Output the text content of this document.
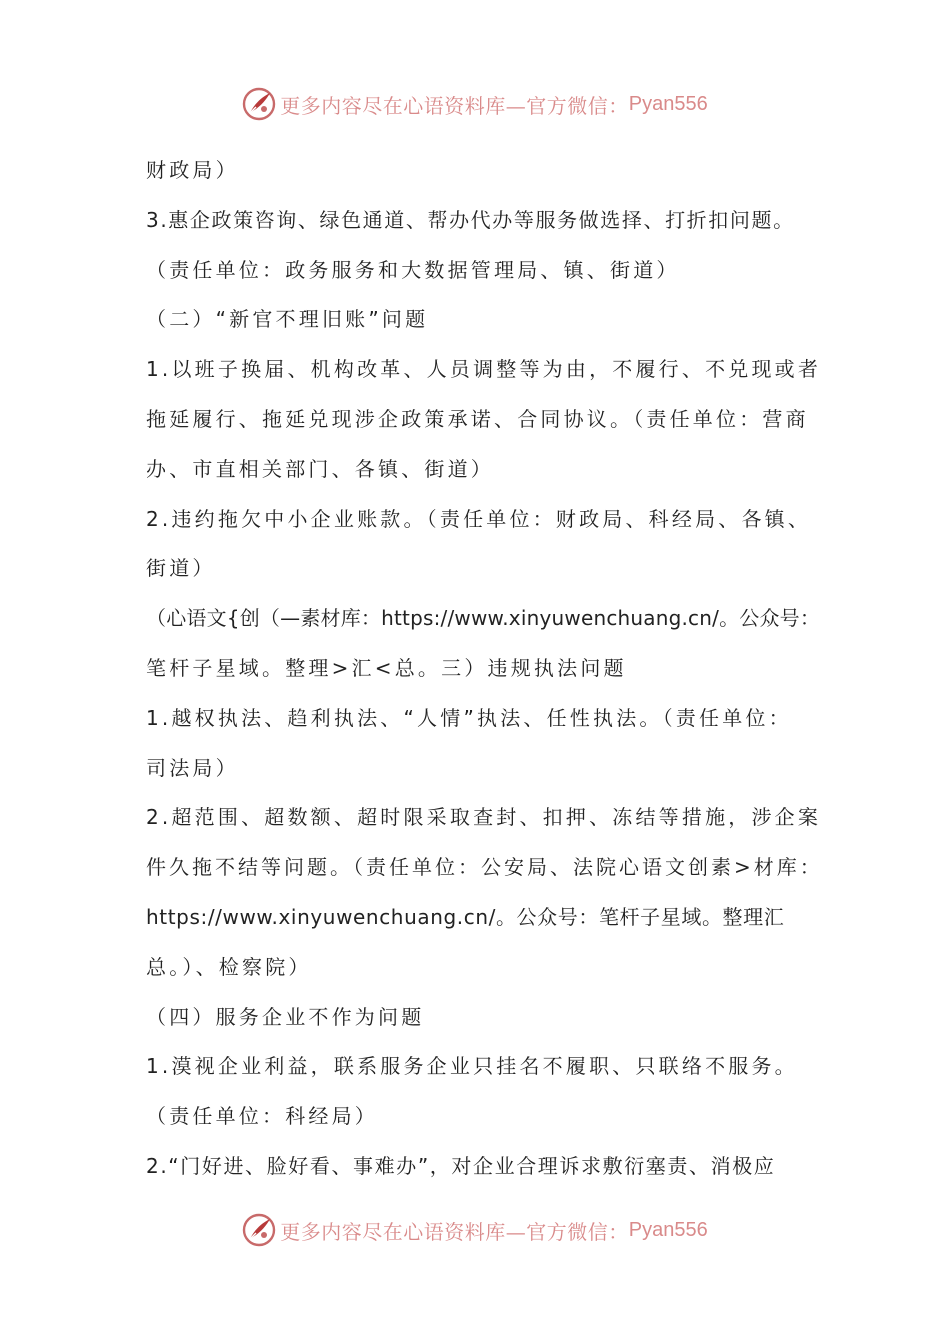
更多内容尽在心语资料库—官方微信： Pyan556
财政局）
3.惠企政策咨询、绿色通道、帮办代办等服务做选择、打折扣问题。
（责任单位：政务服务和大数据管理局、镇、街道）
（二）“新官不理旧账”问题
1.以班子换届、机构改革、人员调整等为由，不履行、不兑现或者
拖延履行、拖延兑现涉企政策承诺、合同协议。（责任单位：营商
办、市直相关部门、各镇、街道）
2.违约拖欠中小企业账款。（责任单位：财政局、科经局、各镇、
街道）
（心语文{创（—素材库：https://www.xinyuwenchuang.cn/。公众号：
笔杆子星域。整理>汇<总。三）违规执法问题
1.越权执法、趋利执法、“人情”执法、任性执法。（责任单位：
司法局）
2.超范围、超数额、超时限采取查封、扣押、冻结等措施，涉企案
件久拖不结等问题。（责任单位：公安局、法院心语文创素>材库：
https://www.xinyuwenchuang.cn/。公众号：笔杆子星域。整理汇
总。）、检察院）
（四）服务企业不作为问题
1.漠视企业利益，联系服务企业只挂名不履职、只联络不服务。
（责任单位：科经局）
2.“门好进、脸好看、事难办”，对企业合理诉求敷衍塞责、消极应
更多内容尽在心语资料库—官方微信： Pyan556
